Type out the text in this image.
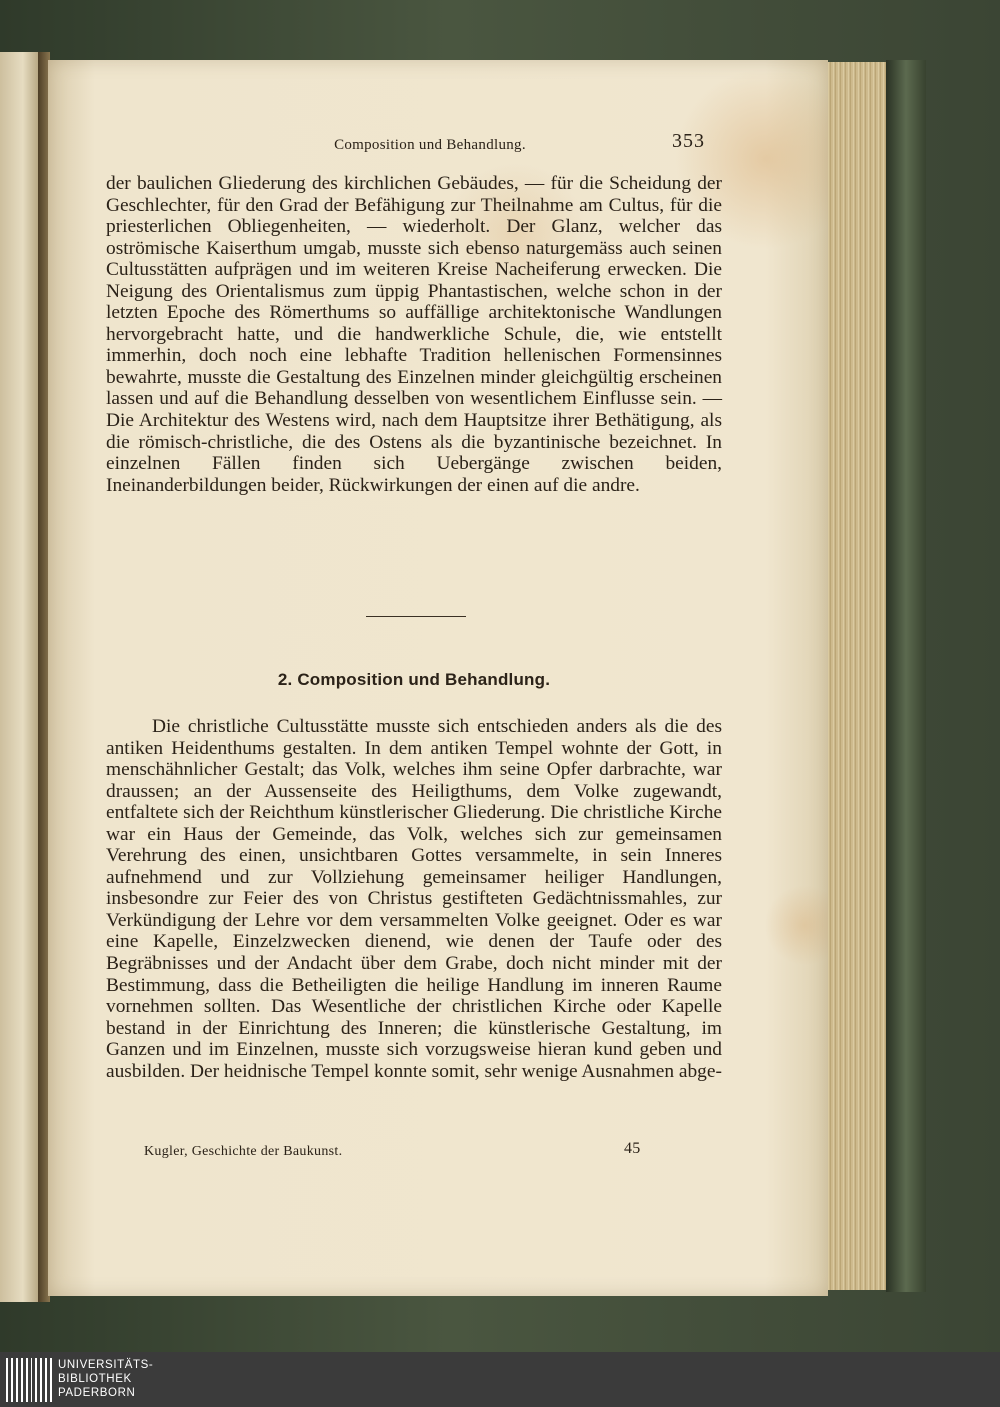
Composition und Behandlung.	353

der baulichen Gliederung des kirchlichen Gebäudes, — für die Scheidung der Geschlechter, für den Grad der Befähigung zur Theilnahme am Cultus, für die priesterlichen Obliegenheiten, — wiederholt. Der Glanz, welcher das oströmische Kaiserthum umgab, musste sich ebenso naturgemäss auch seinen Cultusstätten aufprägen und im weiteren Kreise Nacheiferung erwecken. Die Neigung des Orientalismus zum üppig Phantastischen, welche schon in der letzten Epoche des Römerthums so auffällige architektonische Wandlungen hervorgebracht hatte, und die handwerkliche Schule, die, wie entstellt immerhin, doch noch eine lebhafte Tradition hellenischen Formensinnes bewahrte, musste die Gestaltung des Einzelnen minder gleichgültig erscheinen lassen und auf die Behandlung desselben von wesentlichem Einflusse sein. — Die Architektur des Westens wird, nach dem Hauptsitze ihrer Bethätigung, als die römisch-christliche, die des Ostens als die byzantinische bezeichnet. In einzelnen Fällen finden sich Uebergänge zwischen beiden, Ineinanderbildungen beider, Rückwirkungen der einen auf die andre.

2. Composition und Behandlung.

Die christliche Cultusstätte musste sich entschieden anders als die des antiken Heidenthums gestalten. In dem antiken Tempel wohnte der Gott, in menschähnlicher Gestalt; das Volk, welches ihm seine Opfer darbrachte, war draussen; an der Aussenseite des Heiligthums, dem Volke zugewandt, entfaltete sich der Reichthum künstlerischer Gliederung. Die christliche Kirche war ein Haus der Gemeinde, das Volk, welches sich zur gemeinsamen Verehrung des einen, unsichtbaren Gottes versammelte, in sein Inneres aufnehmend und zur Vollziehung gemeinsamer heiliger Handlungen, insbesondre zur Feier des von Christus gestifteten Gedächtnissmahles, zur Verkündigung der Lehre vor dem versammelten Volke geeignet. Oder es war eine Kapelle, Einzelzwecken dienend, wie denen der Taufe oder des Begräbnisses und der Andacht über dem Grabe, doch nicht minder mit der Bestimmung, dass die Betheiligten die heilige Handlung im inneren Raume vornehmen sollten. Das Wesentliche der christlichen Kirche oder Kapelle bestand in der Einrichtung des Inneren; die künstlerische Gestaltung, im Ganzen und im Einzelnen, musste sich vorzugsweise hieran kund geben und ausbilden. Der heidnische Tempel konnte somit, sehr wenige Ausnahmen abge-

Kugler, Geschichte der Baukunst.	45
UNIVERSITÄTS-
BIBLIOTHEK
PADERBORN
